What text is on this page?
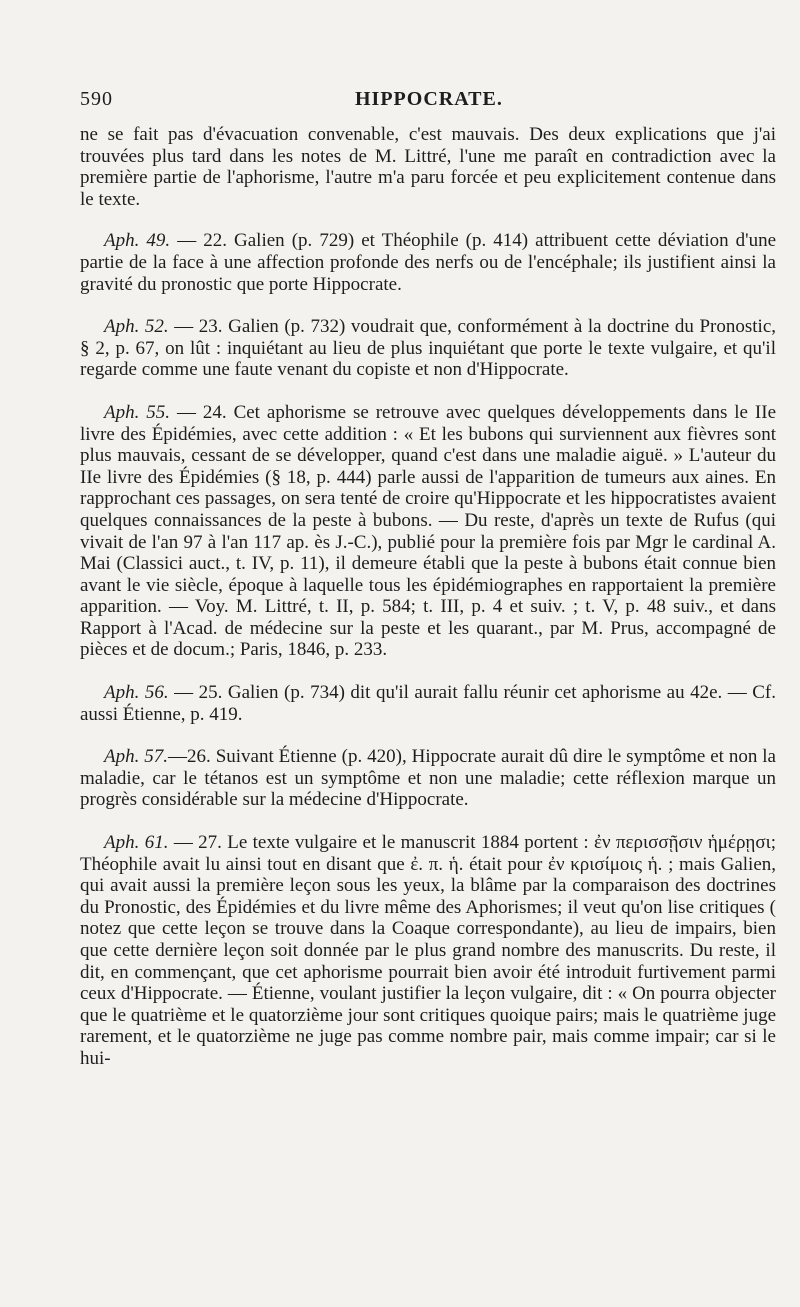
590	HIPPOCRATE.

ne se fait pas d'évacuation convenable, c'est mauvais. Des deux explications que j'ai trouvées plus tard dans les notes de M. Littré, l'une me paraît en contradiction avec la première partie de l'aphorisme, l'autre m'a paru forcée et peu explicitement contenue dans le texte.

Aph. 49. — 22. Galien (p. 729) et Théophile (p. 414) attribuent cette déviation d'une partie de la face à une affection profonde des nerfs ou de l'encéphale; ils justifient ainsi la gravité du pronostic que porte Hippocrate.

Aph. 52. — 23. Galien (p. 732) voudrait que, conformément à la doctrine du Pronostic, § 2, p. 67, on lût : inquiétant au lieu de plus inquiétant que porte le texte vulgaire, et qu'il regarde comme une faute venant du copiste et non d'Hippocrate.

Aph. 55. — 24. Cet aphorisme se retrouve avec quelques développements dans le IIe livre des Épidémies, avec cette addition : « Et les bubons qui surviennent aux fièvres sont plus mauvais, cessant de se développer, quand c'est dans une maladie aiguë. » L'auteur du IIe livre des Épidémies (§ 18, p. 444) parle aussi de l'apparition de tumeurs aux aines. En rapprochant ces passages, on sera tenté de croire qu'Hippocrate et les hippocratistes avaient quelques connaissances de la peste à bubons. — Du reste, d'après un texte de Rufus (qui vivait de l'an 97 à l'an 117 ap. ès J.-C.), publié pour la première fois par Mgr le cardinal A. Mai (Classici auct., t. IV, p. 11), il demeure établi que la peste à bubons était connue bien avant le vie siècle, époque à laquelle tous les épidémiographes en rapportaient la première apparition. — Voy. M. Littré, t. II, p. 584; t. III, p. 4 et suiv. ; t. V, p. 48 suiv., et dans Rapport à l'Acad. de médecine sur la peste et les quarant., par M. Prus, accompagné de pièces et de docum.; Paris, 1846, p. 233.

Aph. 56. — 25. Galien (p. 734) dit qu'il aurait fallu réunir cet aphorisme au 42e. — Cf. aussi Étienne, p. 419.

Aph. 57.—26. Suivant Étienne (p. 420), Hippocrate aurait dû dire le symptôme et non la maladie, car le tétanos est un symptôme et non une maladie; cette réflexion marque un progrès considérable sur la médecine d'Hippocrate.

Aph. 61. — 27. Le texte vulgaire et le manuscrit 1884 portent : ἐν περισσῇσιν ἡμέρῃσι; Théophile avait lu ainsi tout en disant que ἐ. π. ἡ. était pour ἐν κρισίμοις ἡ. ; mais Galien, qui avait aussi la première leçon sous les yeux, la blâme par la comparaison des doctrines du Pronostic, des Épidémies et du livre même des Aphorismes; il veut qu'on lise critiques ( notez que cette leçon se trouve dans la Coaque correspondante), au lieu de impairs, bien que cette dernière leçon soit donnée par le plus grand nombre des manuscrits. Du reste, il dit, en commençant, que cet aphorisme pourrait bien avoir été introduit furtivement parmi ceux d'Hippocrate. — Étienne, voulant justifier la leçon vulgaire, dit : « On pourra objecter que le quatrième et le quatorzième jour sont critiques quoique pairs; mais le quatrième juge rarement, et le quatorzième ne juge pas comme nombre pair, mais comme impair; car si le hui-
